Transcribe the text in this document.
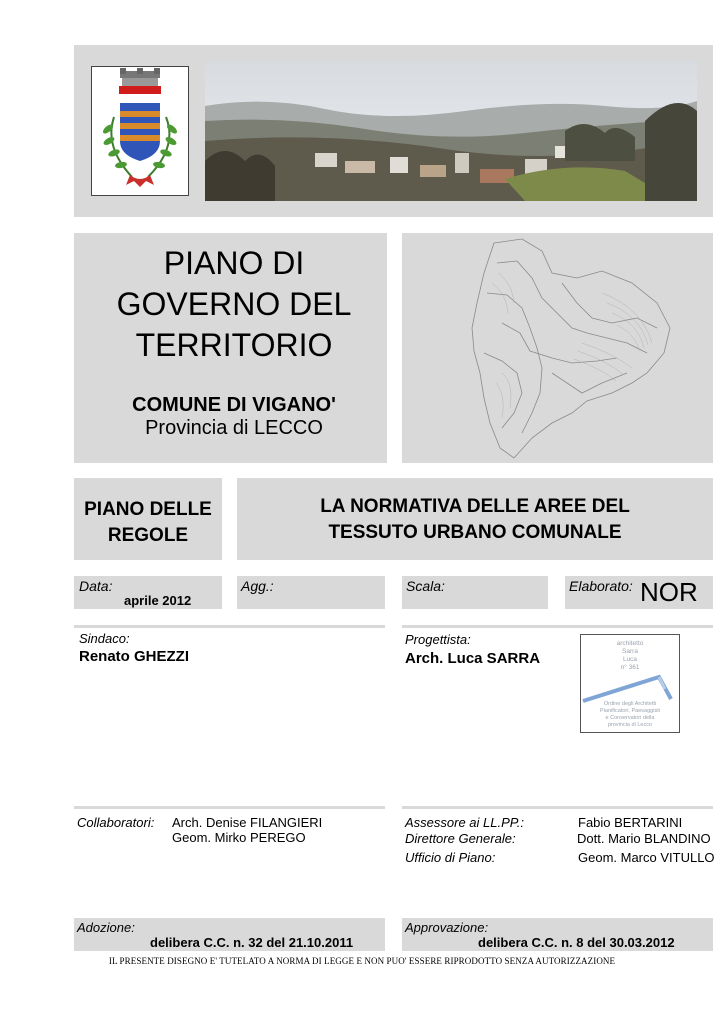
PIANO DI
GOVERNO DEL
TERRITORIO
COMUNE DI VIGANO'
Provincia di LECCO
PIANO DELLE
REGOLE
LA NORMATIVA DELLE AREE DEL
TESSUTO URBANO COMUNALE
Data:
aprile 2012
Agg.:	Scala:	Elaborato: NOR
Sindaco:
Renato GHEZZI
Progettista:
Arch. Luca SARRA
architetto
Sarra
Luca
n° 361
Ordine degli Architetti
Pianificatori, Paesaggisti
e Conservatori della
provincia di Lecco
Collaboratori: Arch. Denise FILANGIERI
Geom. Mirko PEREGO
Assessore ai LL.PP.:	Fabio BERTARINI
Direttore Generale:	Dott. Mario BLANDINO
Ufficio di Piano:	Geom. Marco VITULLO
Adozione:
delibera C.C. n. 32 del 21.10.2011
Approvazione:
delibera C.C. n. 8 del 30.03.2012
IL PRESENTE DISEGNO E' TUTELATO A NORMA DI LEGGE E NON PUO' ESSERE RIPRODOTTO SENZA AUTORIZZAZIONE
